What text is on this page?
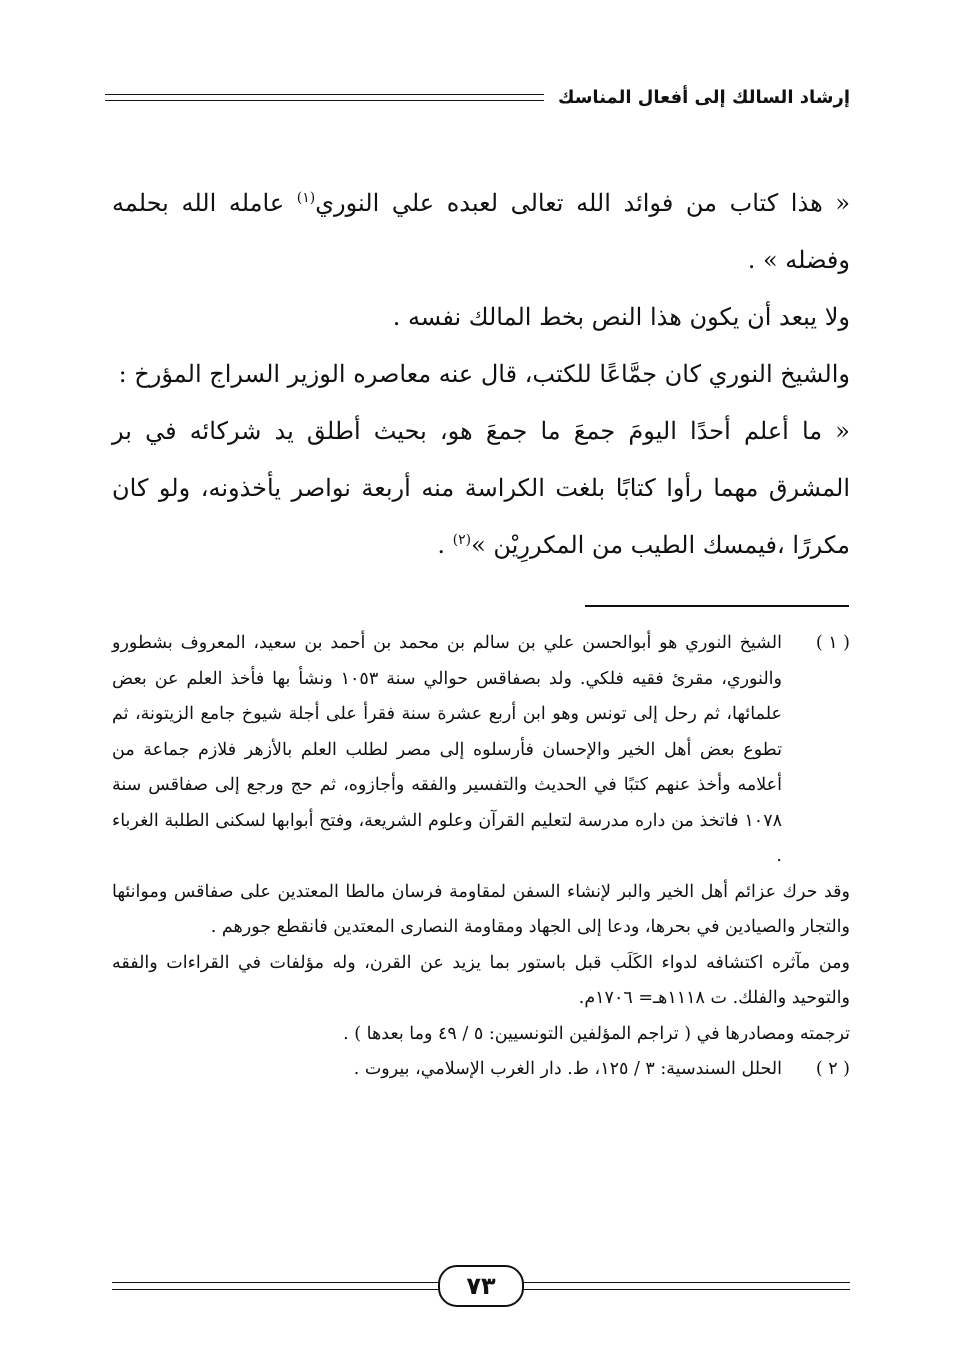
إرشاد السالك إلى أفعال المناسك

« هذا كتاب من فوائد الله تعالى لعبده علي النوري$^{(١)}$ عامله الله بحلمه وفضله » .

ولا يبعد أن يكون هذا النص بخط المالك نفسه .

والشيخ النوري كان جمَّاعًا للكتب، قال عنه معاصره الوزير السراج المؤرخ :

« ما أعلم أحدًا اليومَ جمعَ ما جمعَ هو، بحيث أطلق يد شركائه في بر المشرق مهما رأوا كتابًا بلغت الكراسة منه أربعة نواصر يأخذونه، ولو كان مكررًا ،فيمسك الطيب من المكررِيْن »$^{(٢)}$ .

( ١ )

الشيخ النوري هو أبوالحسن علي بن سالم بن محمد بن أحمد بن سعيد، المعروف بشطورو والنوري، مقرئ فقيه فلكي. ولد بصفاقس حوالي سنة ١٠٥٣ ونشأ بها فأخذ العلم عن بعض علمائها، ثم رحل إلى تونس وهو ابن أربع عشرة سنة فقرأ على أجلة شيوخ جامع الزيتونة، ثم تطوع بعض أهل الخير والإحسان فأرسلوه إلى مصر لطلب العلم بالأزهر فلازم جماعة من أعلامه وأخذ عنهم كتبًا في الحديث والتفسير والفقه وأجازوه، ثم حج ورجع إلى صفاقس سنة ١٠٧٨ فاتخذ من داره مدرسة لتعليم القرآن وعلوم الشريعة، وفتح أبوابها لسكنى الطلبة الغرباء .

وقد حرك عزائم أهل الخير والبر لإنشاء السفن لمقاومة فرسان مالطا المعتدين على صفاقس وموانئها والتجار والصيادين في بحرها، ودعا إلى الجهاد ومقاومة النصارى المعتدين فانقطع جورهم .

ومن مآثره اكتشافه لدواء الكَلَب قبل باستور بما يزيد عن القرن، وله مؤلفات في القراءات والفقه والتوحيد والفلك. ت ١١١٨هـ= ١٧٠٦م.

ترجمته ومصادرها في ( تراجم المؤلفين التونسيين: ٥ / ٤٩ وما بعدها ) .

( ٢ )

الحلل السندسية: ٣ / ١٢٥، ط. دار الغرب الإسلامي، بيروت .

٧٣
